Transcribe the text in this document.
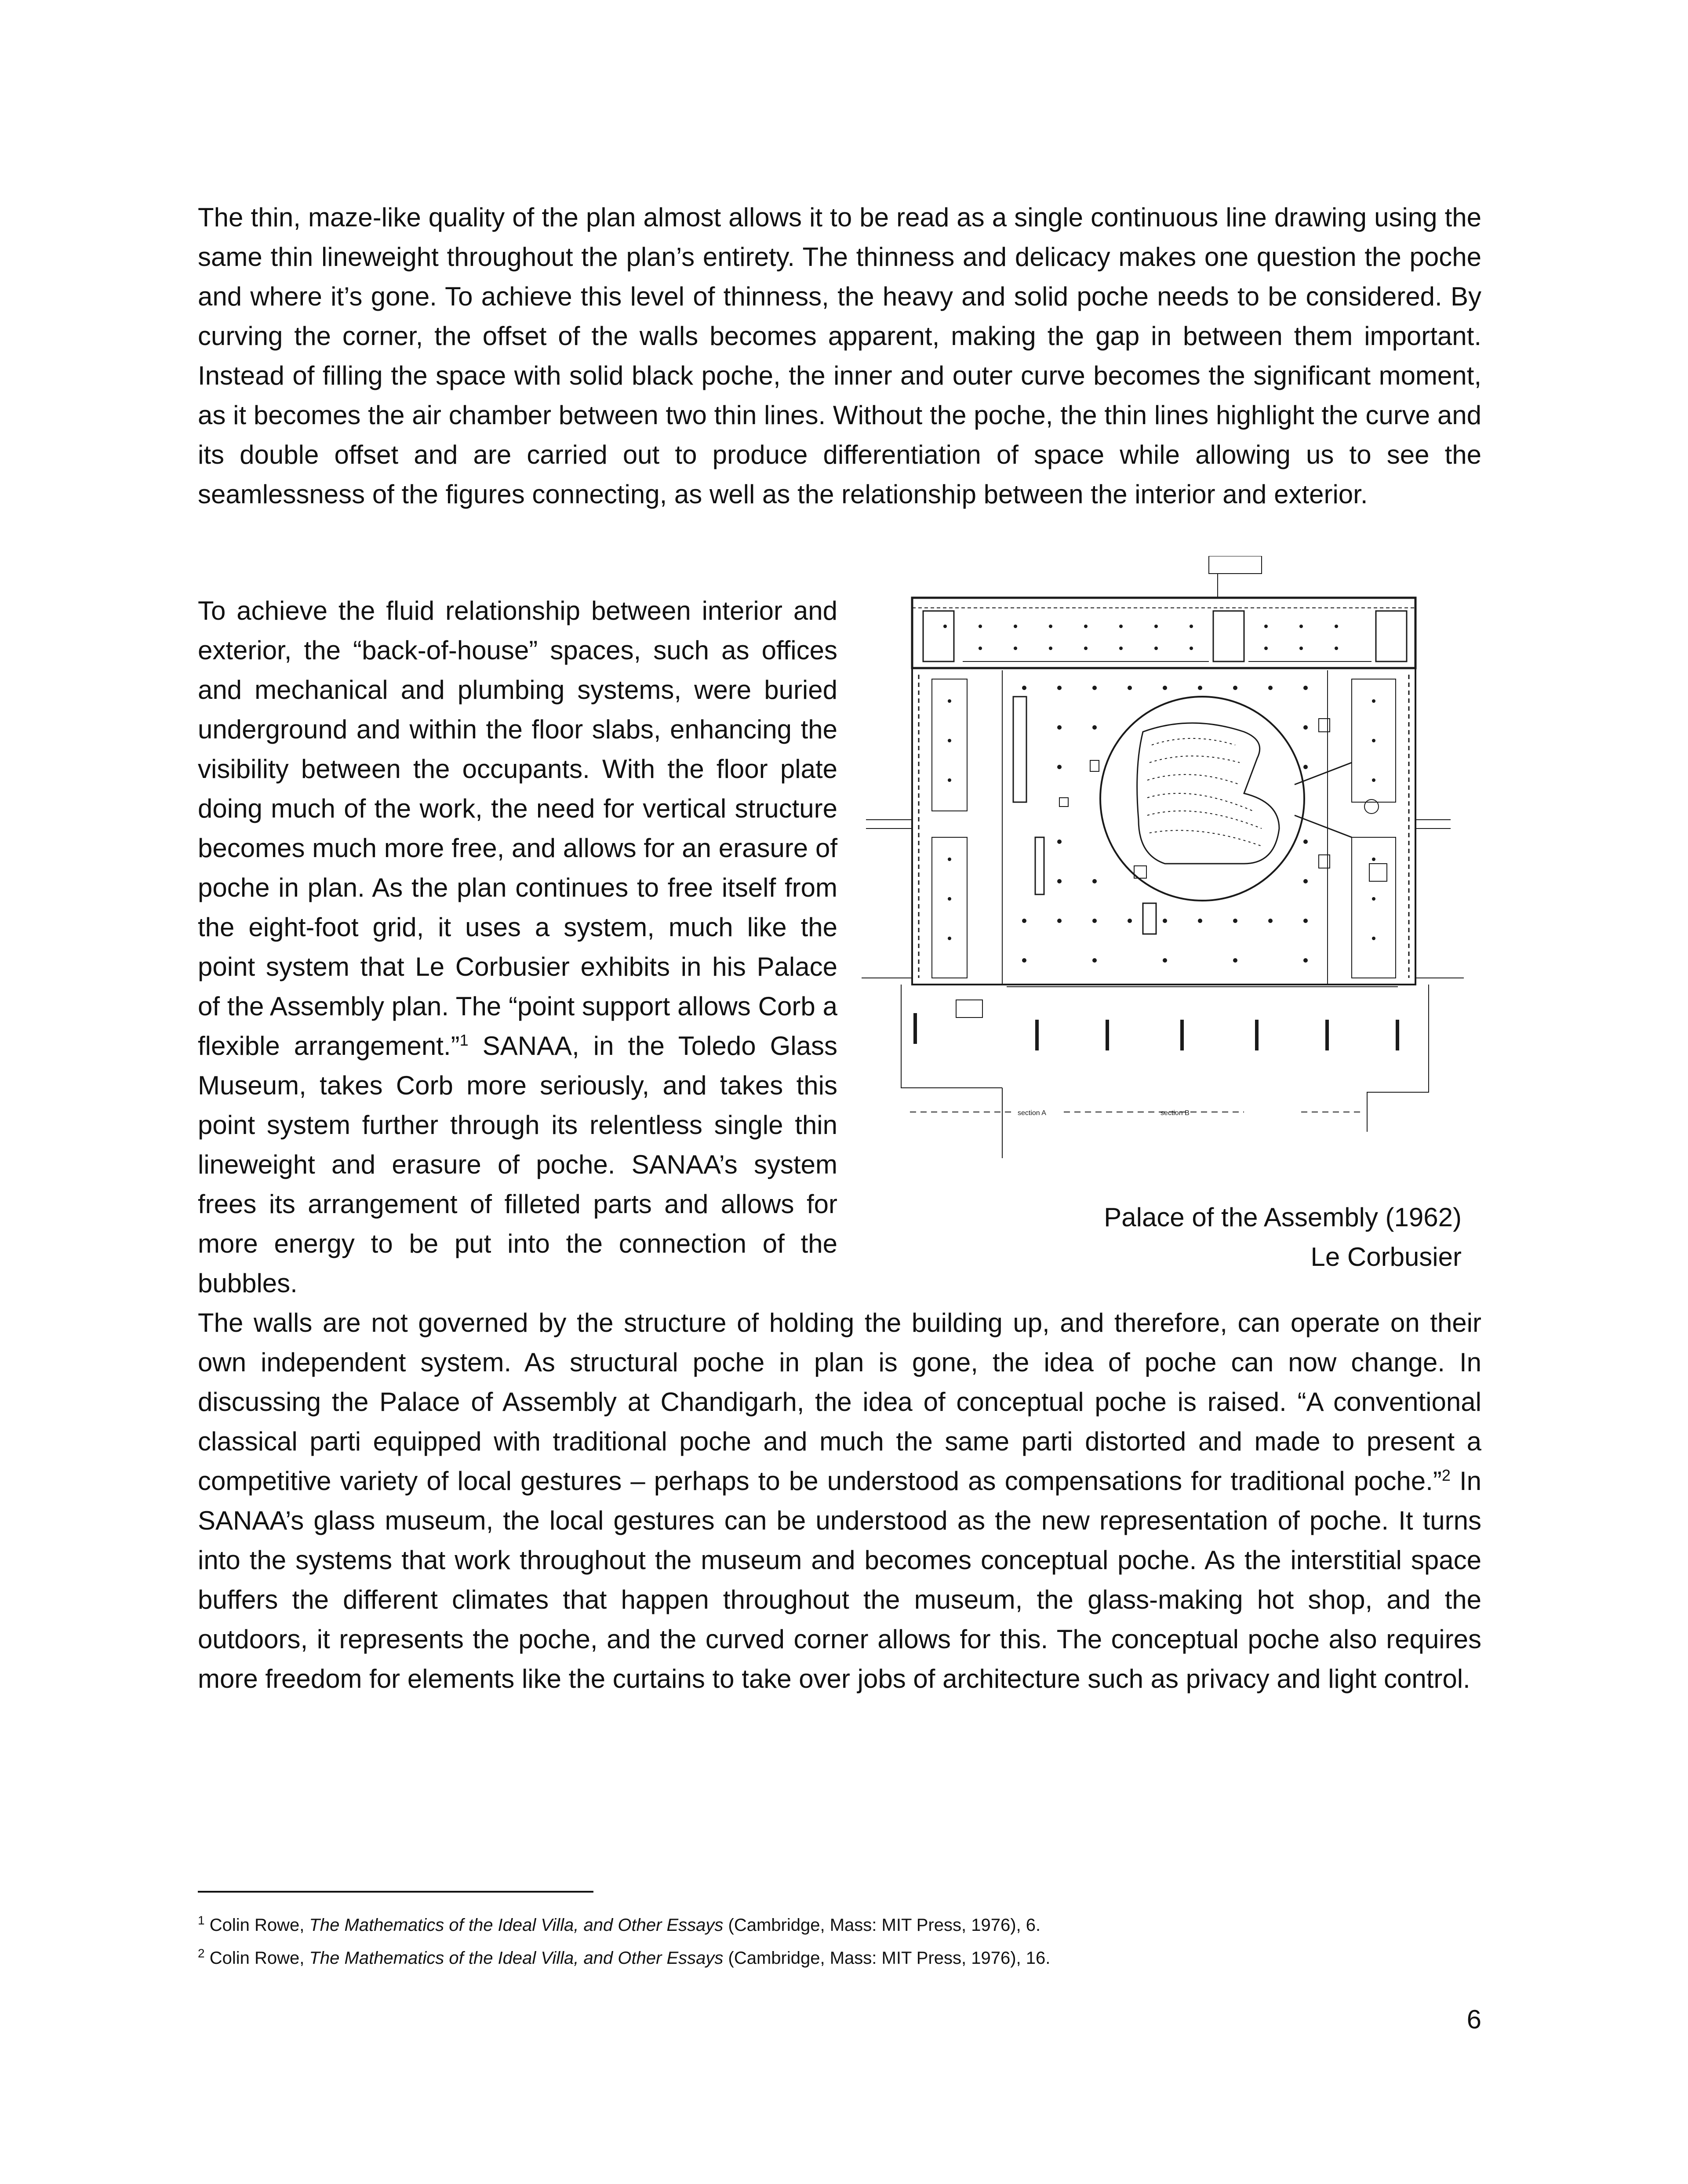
The thin, maze-like quality of the plan almost allows it to be read as a single continuous line drawing using the same thin lineweight throughout the plan’s entirety. The thinness and delicacy makes one question the poche and where it’s gone. To achieve this level of thinness, the heavy and solid poche needs to be considered. By curving the corner, the offset of the walls becomes apparent, making the gap in between them important. Instead of filling the space with solid black poche, the inner and outer curve becomes the significant moment, as it becomes the air chamber between two thin lines. Without the poche, the thin lines highlight the curve and its double offset and are carried out to produce differentiation of space while allowing us to see the seamlessness of the figures connecting, as well as the relationship between the interior and exterior.

To achieve the fluid relationship between interior and exterior, the “back-of-house” spaces, such as offices and mechanical and plumbing systems, were buried underground and within the floor slabs, enhancing the visibility between the occupants. With the floor plate doing much of the work, the need for vertical structure becomes much more free, and allows for an erasure of poche in plan. As the plan continues to free itself from the eight-foot grid, it uses a system, much like the point system that Le Corbusier exhibits in his Palace of the Assembly plan. The “point support allows Corb a flexible arrangement.”$^1$ SANAA, in the Toledo Glass Museum, takes Corb more seriously, and takes this point system further through its relentless single thin lineweight and erasure of poche. SANAA’s system frees its arrangement of filleted parts and allows for more energy to be put into the connection of the bubbles.

The walls are not governed by the structure of holding the building up, and therefore, can operate on their own independent system. As structural poche in plan is gone, the idea of poche can now change. In discussing the Palace of Assembly at Chandigarh, the idea of conceptual poche is raised. “A conventional classical parti equipped with traditional poche and much the same parti distorted and made to present a competitive variety of local gestures – perhaps to be understood as compensations for traditional poche.”$^2$ In SANAA’s glass museum, the local gestures can be understood as the new representation of poche. It turns into the systems that work throughout the museum and becomes conceptual poche. As the interstitial space buffers the different climates that happen throughout the museum, the glass-making hot shop, and the outdoors, it represents the poche, and the curved corner allows for this. The conceptual poche also requires more freedom for elements like the curtains to take over jobs of architecture such as privacy and light control.

section A	section B
Palace of the Assembly (1962)
Le Corbusier

$^1$ Colin Rowe, The Mathematics of the Ideal Villa, and Other Essays (Cambridge, Mass: MIT Press, 1976), 6.

$^2$ Colin Rowe, The Mathematics of the Ideal Villa, and Other Essays (Cambridge, Mass: MIT Press, 1976), 16.

6
